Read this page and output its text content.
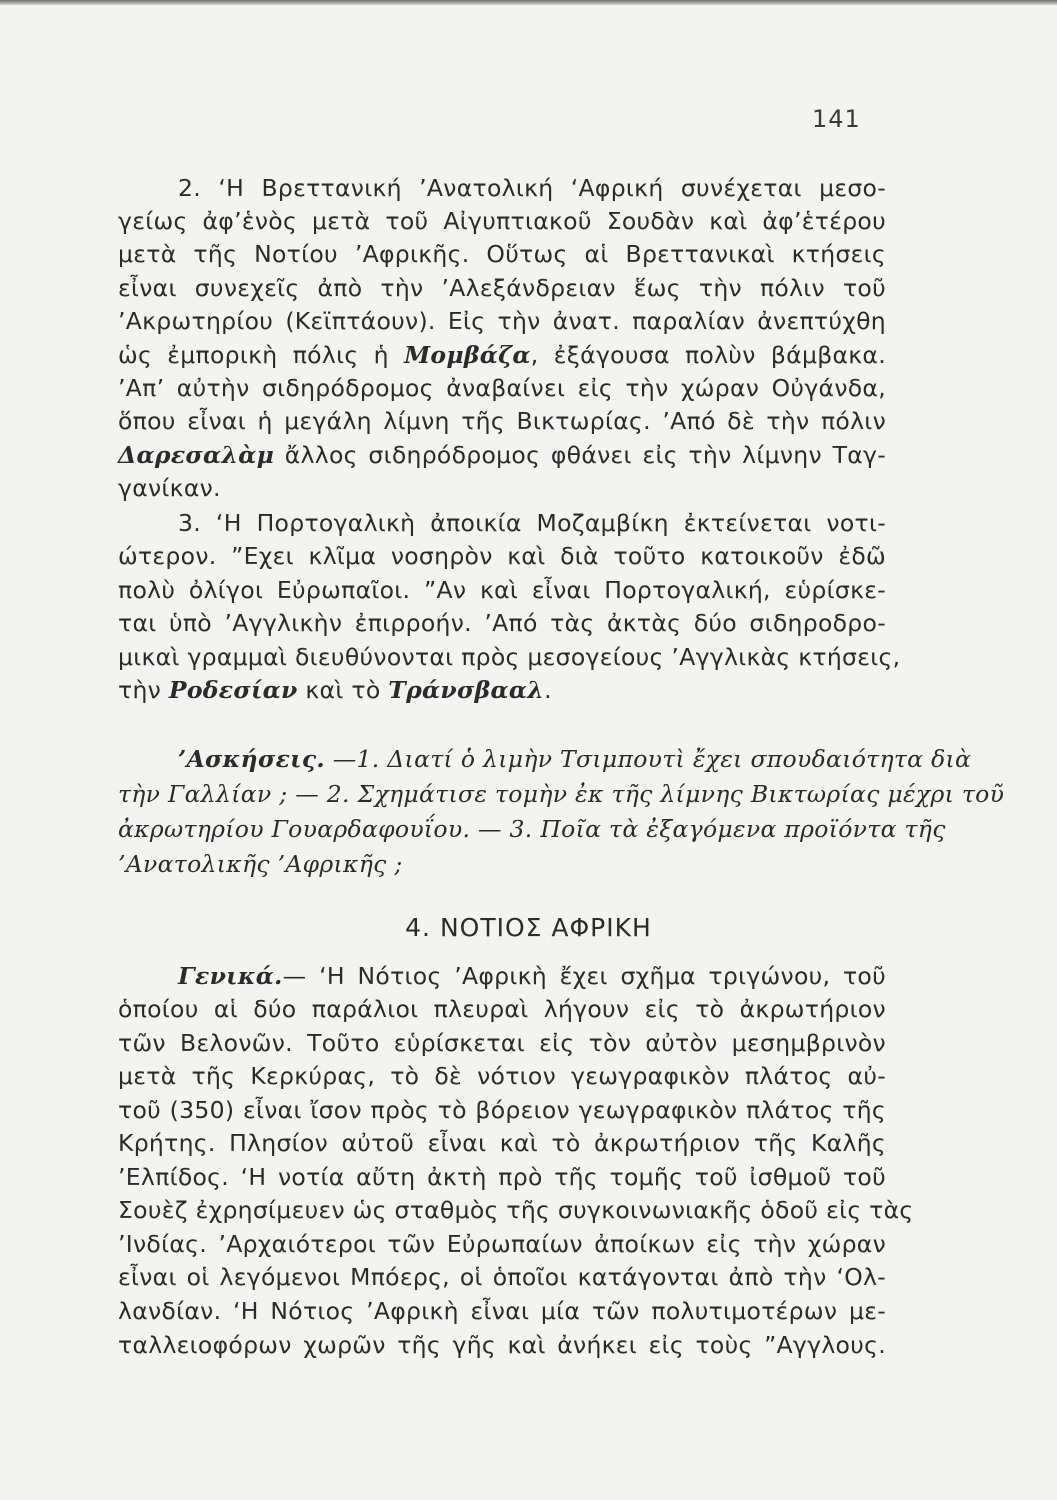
141
2. ‘Η Βρεττανική ’Ανατολική ‘Αφρική συνέχεται μεσο-
γείως ἀφ’ἑνὸς μετὰ τοῦ Αἰγυπτιακοῦ Σουδὰν καὶ ἀφ’ἑτέρου
μετὰ τῆς Νοτίου ’Αφρικῆς. Οὕτως αἱ Βρεττανικαὶ κτήσεις
εἶναι συνεχεῖς ἀπὸ τὴν ’Αλεξάνδρειαν ἕως τὴν πόλιν τοῦ
’Ακρωτηρίου (Κεϊπτάουν). Εἰς τὴν ἀνατ. παραλίαν ἀνεπτύχθη
ὡς ἐμπορικὴ πόλις ἡ Μομβάζα, ἐξάγουσα πολὺν βάμβακα.
’Απ’ αὐτὴν σιδηρόδρομος ἀναβαίνει εἰς τὴν χώραν Οὐγάνδα,
ὅπου εἶναι ἡ μεγάλη λίμνη τῆς Βικτωρίας. ’Από δὲ τὴν πόλιν
Δαρεσαλὰμ ἄλλος σιδηρόδρομος φθάνει εἰς τὴν λίμνην Ταγ-
γανίκαν.
3. ‘Η Πορτογαλικὴ ἀποικία Μοζαμβίκη ἐκτείνεται νοτι-
ώτερον. ”Εχει κλῖμα νοσηρὸν καὶ διὰ τοῦτο κατοικοῦν ἐδῶ
πολὺ ὀλίγοι Εὐρωπαῖοι. ”Αν καὶ εἶναι Πορτογαλική, εὑρίσκε-
ται ὑπὸ ’Αγγλικὴν ἐπιρροήν. ’Από τὰς ἀκτὰς δύο σιδηροδρο-
μικαὶ γραμμαὶ διευθύνονται πρὸς μεσογείους ’Αγγλικὰς κτήσεις,
τὴν Ροδεσίαν καὶ τὸ Τράνσβααλ.
’Ασκήσεις. —1. Διατί ὁ λιμὴν Τσιμπουτὶ ἔχει σπουδαιότητα διὰ
τὴν Γαλλίαν ; — 2. Σχημάτισε τομὴν ἐκ τῆς λίμνης Βικτωρίας μέχρι τοῦ
ἀκρωτηρίου Γουαρδαφουΐου. — 3. Ποῖα τὰ ἐξαγόμενα προϊόντα τῆς
’Ανατολικῆς ’Αφρικῆς ;
4. ΝΟΤΙΟΣ ΑΦΡΙΚΗ
Γενικά.— ‘Η Νότιος ’Αφρικὴ ἔχει σχῆμα τριγώνου, τοῦ
ὁποίου αἱ δύο παράλιοι πλευραὶ λήγουν εἰς τὸ ἀκρωτήριον
τῶν Βελονῶν. Τοῦτο εὑρίσκεται εἰς τὸν αὐτὸν μεσημβρινὸν
μετὰ τῆς Κερκύρας, τὸ δὲ νότιον γεωγραφικὸν πλάτος αὐ-
τοῦ (350) εἶναι ἴσον πρὸς τὸ βόρειον γεωγραφικὸν πλάτος τῆς
Κρήτης. Πλησίον αὐτοῦ εἶναι καὶ τὸ ἀκρωτήριον τῆς Καλῆς
’Ελπίδος. ‘Η νοτία αὔτη ἀκτὴ πρὸ τῆς τομῆς τοῦ ἰσθμοῦ τοῦ
Σουὲζ ἐχρησίμευεν ὡς σταθμὸς τῆς συγκοινωνιακῆς ὁδοῦ εἰς τὰς
’Ινδίας. ’Αρχαιότεροι τῶν Εὐρωπαίων ἀποίκων εἰς τὴν χώραν
εἶναι οἱ λεγόμενοι Μπόερς, οἱ ὁποῖοι κατάγονται ἀπὸ τὴν ‘Ολ-
λανδίαν. ‘Η Νότιος ’Αφρικὴ εἶναι μία τῶν πολυτιμοτέρων με-
ταλλειοφόρων χωρῶν τῆς γῆς καὶ ἀνήκει εἰς τοὺς ”Αγγλους.
